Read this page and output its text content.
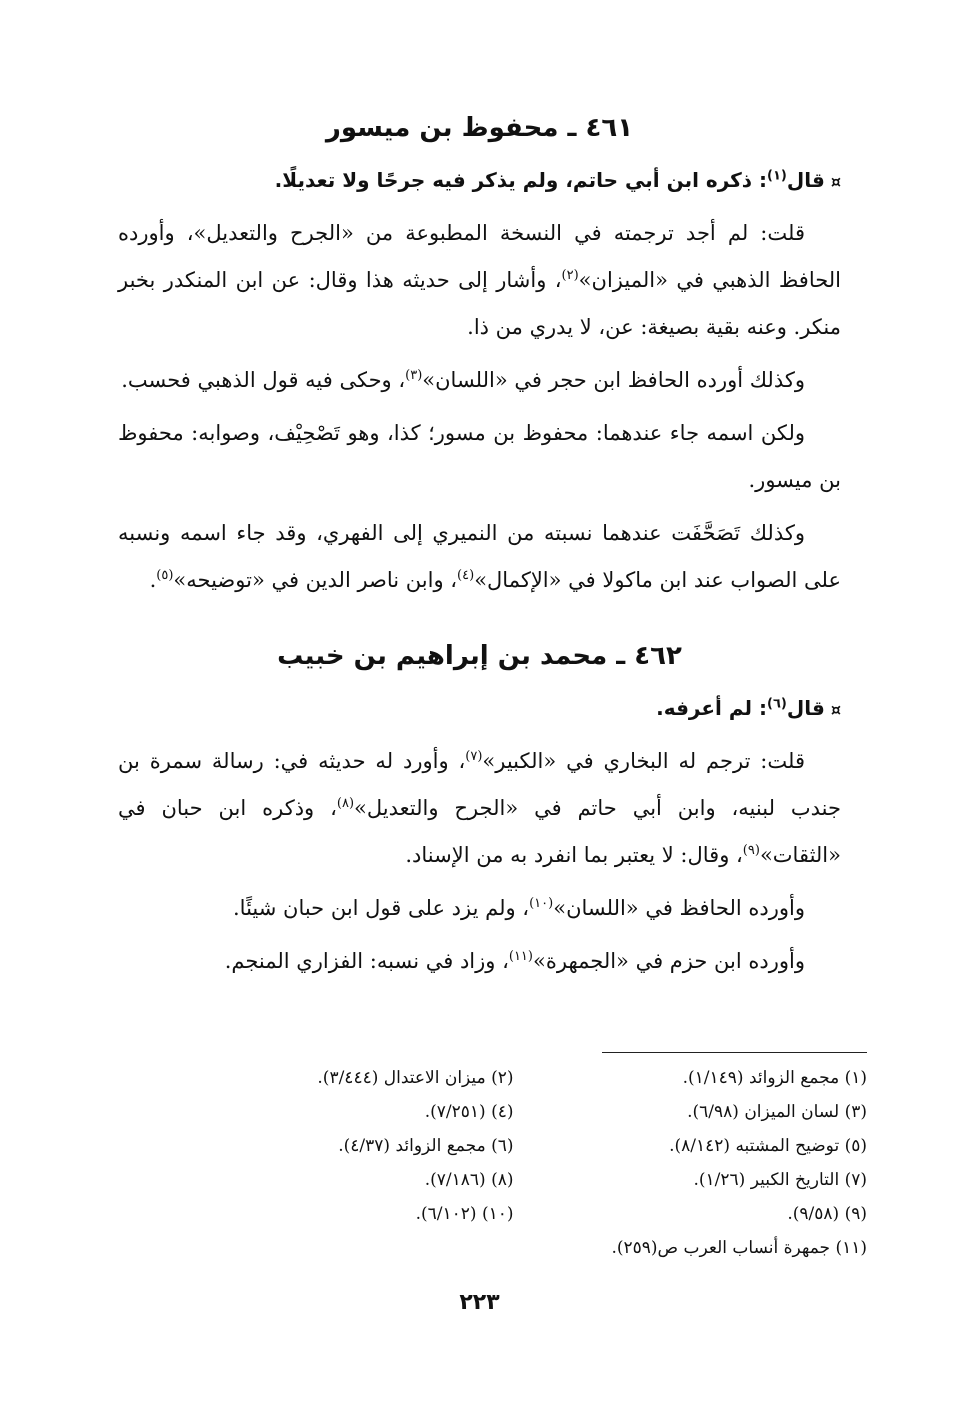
٤٦١ ـ محفوظ بن ميسور
¤قال$^{(١)}$: ذكره ابن أبي حاتم، ولم يذكر فيه جرحًا ولا تعديلًا.

قلت: لم أجد ترجمته في النسخة المطبوعة من «الجرح والتعديل»، وأورده الحافظ الذهبي في «الميزان»$^{(٢)}$، وأشار إلى حديثه هذا وقال: عن ابن المنكدر بخبر منكر. وعنه بقية بصيغة: عن، لا يدري من ذا.

وكذلك أورده الحافظ ابن حجر في «اللسان»$^{(٣)}$، وحكى فيه قول الذهبي فحسب.

ولكن اسمه جاء عندهما: محفوظ بن مسور؛ كذا، وهو تَصْحِيْف، وصوابه: محفوظ بن ميسور.

وكذلك تَصَحَّفَت عندهما نسبته من النميري إلى الفهري، وقد جاء اسمه ونسبه على الصواب عند ابن ماكولا في «الإكمال»$^{(٤)}$، وابن ناصر الدين في «توضيحه»$^{(٥)}$.

٤٦٢ ـ محمد بن إبراهيم بن خبيب
¤قال$^{(٦)}$: لم أعرفه.

قلت: ترجم له البخاري في «الكبير»$^{(٧)}$، وأورد له حديثه في: رسالة سمرة بن جندب لبنيه، وابن أبي حاتم في «الجرح والتعديل»$^{(٨)}$، وذكره ابن حبان في «الثقات»$^{(٩)}$، وقال: لا يعتبر بما انفرد به من الإسناد.

وأورده الحافظ في «اللسان»$^{(١٠)}$، ولم يزد على قول ابن حبان شيئًا.

وأورده ابن حزم في «الجمهرة»$^{(١١)}$، وزاد في نسبه: الفزاري المنجم.

(١) مجمع الزوائد (١/١٤٩).
(٢) ميزان الاعتدال (٣/٤٤٤).
(٣) لسان الميزان (٦/٩٨).
(٤) (٧/٢٥١).
(٥) توضيح المشتبه (٨/١٤٢).
(٦) مجمع الزوائد (٤/٣٧).
(٧) التاريخ الكبير (١/٢٦).
(٨) (٧/١٨٦).
(٩) (٩/٥٨).
(١٠) (٦/١٠٢).
(١١) جمهرة أنساب العرب ص(٢٥٩).
٢٢٣
